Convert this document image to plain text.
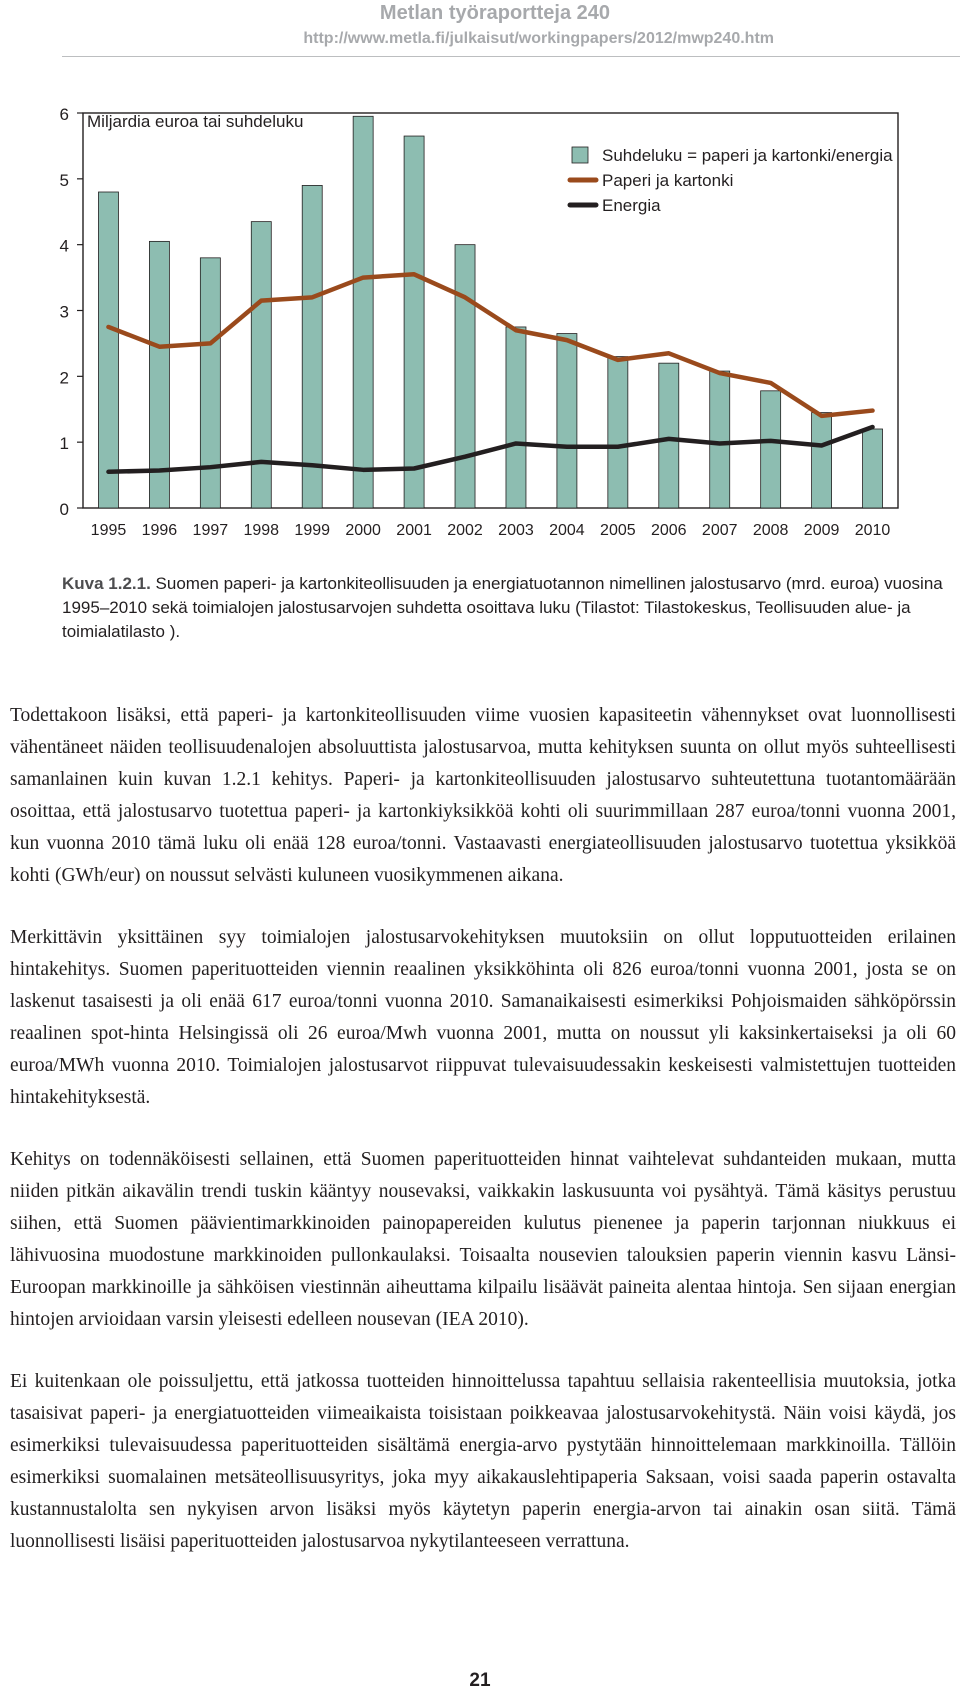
Metlan työraportteja 240
http://www.metla.fi/julkaisut/workingpapers/2012/mwp240.htm
0
1
2
3
4
5
6 Miljardia euroa tai suhdeluku
1995 1996 1997 1998 1999 2000 2001 2002 2003 2004 2005 2006 2007 2008 2009 2010
Suhdeluku = paperi ja kartonki/energia
Paperi ja kartonki
Energia
Kuva 1.2.1. Suomen paperi- ja kartonkiteollisuuden ja energiatuotannon nimellinen jalostusarvo (mrd. euroa) vuosina 1995–2010 sekä toimialojen jalostusarvojen suhdetta osoittava luku (Tilastot: Tilastokeskus, Teollisuuden alue- ja toimialatilasto ).

Todettakoon lisäksi, että paperi- ja kartonkiteollisuuden viime vuosien kapasiteetin vähennykset ovat luonnollisesti vähentäneet näiden teollisuudenalojen absoluuttista jalostusarvoa, mutta kehityksen suunta on ollut myös suhteellisesti samanlainen kuin kuvan 1.2.1 kehitys. Paperi- ja kartonkiteollisuuden jalostusarvo suhteutettuna tuotantomäärään osoittaa, että jalostusarvo tuotettua paperi- ja kartonkiyksikköä kohti oli suurimmillaan 287 euroa/tonni vuonna 2001, kun vuonna 2010 tämä luku oli enää 128 euroa/tonni. Vastaavasti energiateollisuuden jalostusarvo tuotettua yksikköä kohti (GWh/eur) on noussut selvästi kuluneen vuosikymmenen aikana.

Merkittävin yksittäinen syy toimialojen jalostusarvokehityksen muutoksiin on ollut lopputuotteiden erilainen hintakehitys. Suomen paperituotteiden viennin reaalinen yksikköhinta oli 826 euroa/tonni vuonna 2001, josta se on laskenut tasaisesti ja oli enää 617 euroa/tonni vuonna 2010. Samanaikaisesti esimerkiksi Pohjoismaiden sähköpörssin reaalinen spot-hinta Helsingissä oli 26 euroa/Mwh vuonna 2001, mutta on noussut yli kaksinkertaiseksi ja oli 60 euroa/MWh vuonna 2010. Toimialojen jalostusarvot riippuvat tulevaisuudessakin keskeisesti valmistettujen tuotteiden hintakehityksestä.

Kehitys on todennäköisesti sellainen, että Suomen paperituotteiden hinnat vaihtelevat suhdanteiden mukaan, mutta niiden pitkän aikavälin trendi tuskin kääntyy nousevaksi, vaikkakin laskusuunta voi pysähtyä. Tämä käsitys perustuu siihen, että Suomen päävientimarkkinoiden painopapereiden kulutus pienenee ja paperin tarjonnan niukkuus ei lähivuosina muodostune markkinoiden pullonkaulaksi. Toisaalta nousevien talouksien paperin viennin kasvu Länsi-Euroopan markkinoille ja sähköisen viestinnän aiheuttama kilpailu lisäävät paineita alentaa hintoja. Sen sijaan energian hintojen arvioidaan varsin yleisesti edelleen nousevan (IEA 2010).

Ei kuitenkaan ole poissuljettu, että jatkossa tuotteiden hinnoittelussa tapahtuu sellaisia rakenteellisia muutoksia, jotka tasaisivat paperi- ja energiatuotteiden viimeaikaista toisistaan poikkeavaa jalostusarvokehitystä. Näin voisi käydä, jos esimerkiksi tulevaisuudessa paperituotteiden sisältämä energia-arvo pystytään hinnoittelemaan markkinoilla. Tällöin esimerkiksi suomalainen metsäteollisuusyritys, joka myy aikakauslehtipaperia Saksaan, voisi saada paperin ostavalta kustannustalolta sen nykyisen arvon lisäksi myös käytetyn paperin energia-arvon tai ainakin osan siitä. Tämä luonnollisesti lisäisi paperituotteiden jalostusarvoa nykytilanteeseen verrattuna.

21
